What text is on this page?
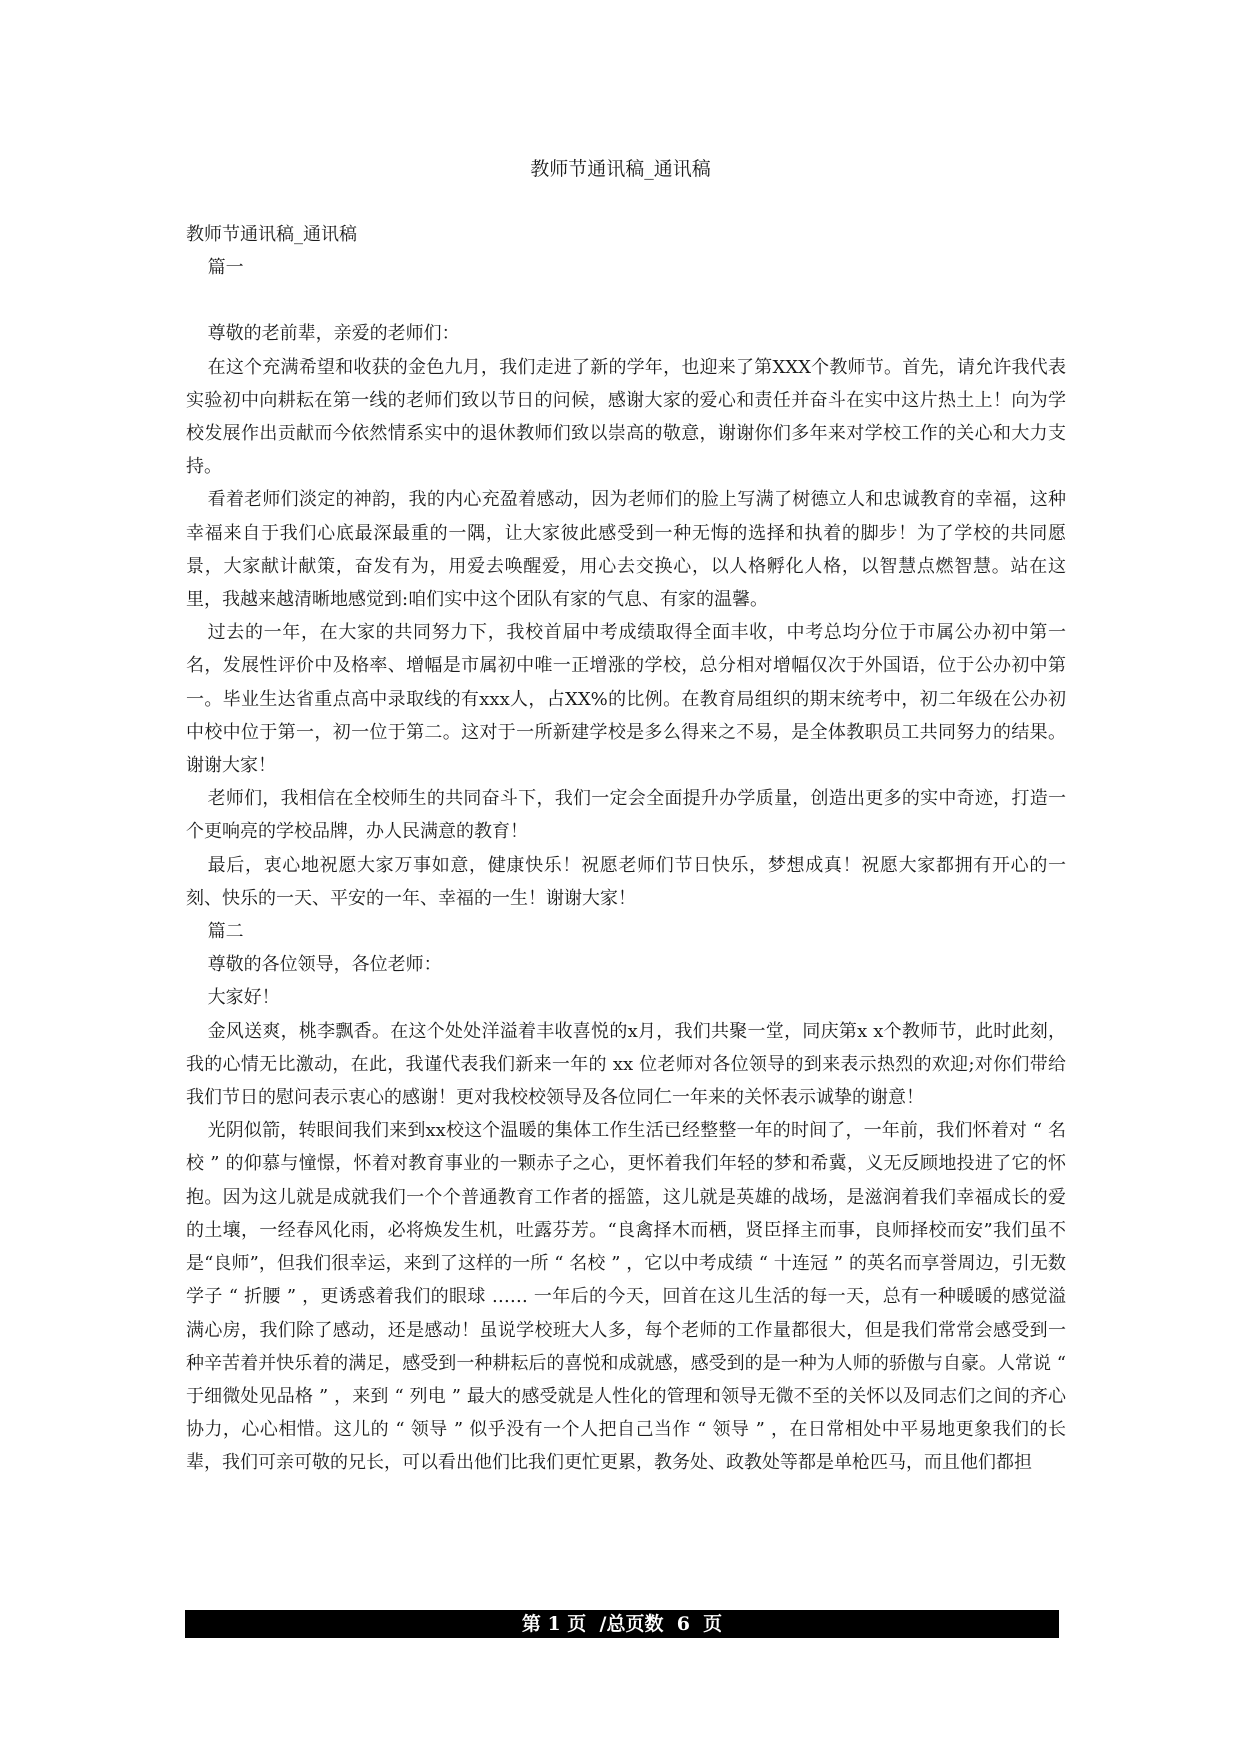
教师节通讯稿_通讯稿

教师节通讯稿_通讯稿

篇一

尊敬的老前辈，亲爱的老师们：

在这个充满希望和收获的金色九月，我们走进了新的学年，也迎来了第XXX个教师节。首先，请允许我代表实验初中向耕耘在第一线的老师们致以节日的问候，感谢大家的爱心和责任并奋斗在实中这片热土上！向为学校发展作出贡献而今依然情系实中的退休教师们致以崇高的敬意，谢谢你们多年来对学校工作的关心和大力支持。

看着老师们淡定的神韵，我的内心充盈着感动，因为老师们的脸上写满了树德立人和忠诚教育的幸福，这种幸福来自于我们心底最深最重的一隅，让大家彼此感受到一种无悔的选择和执着的脚步！为了学校的共同愿景，大家献计献策，奋发有为，用爱去唤醒爱，用心去交换心，以人格孵化人格，以智慧点燃智慧。站在这里，我越来越清晰地感觉到:咱们实中这个团队有家的气息、有家的温馨。

过去的一年，在大家的共同努力下，我校首届中考成绩取得全面丰收，中考总均分位于市属公办初中第一名，发展性评价中及格率、增幅是市属初中唯一正增涨的学校，总分相对增幅仅次于外国语，位于公办初中第一。毕业生达省重点高中录取线的有xxx人，占XX%的比例。在教育局组织的期末统考中，初二年级在公办初中校中位于第一，初一位于第二。这对于一所新建学校是多么得来之不易，是全体教职员工共同努力的结果。谢谢大家！

老师们，我相信在全校师生的共同奋斗下，我们一定会全面提升办学质量，创造出更多的实中奇迹，打造一个更响亮的学校品牌，办人民满意的教育！

最后，衷心地祝愿大家万事如意，健康快乐！祝愿老师们节日快乐，梦想成真！祝愿大家都拥有开心的一刻、快乐的一天、平安的一年、幸福的一生！谢谢大家！

篇二

尊敬的各位领导，各位老师：

大家好！

金风送爽，桃李飘香。在这个处处洋溢着丰收喜悦的x月，我们共聚一堂，同庆第x x个教师节，此时此刻，我的心情无比激动，在此，我谨代表我们新来一年的 xx 位老师对各位领导的到来表示热烈的欢迎;对你们带给我们节日的慰问表示衷心的感谢！更对我校校领导及各位同仁一年来的关怀表示诚挚的谢意！

光阴似箭，转眼间我们来到xx校这个温暖的集体工作生活已经整整一年的时间了，一年前，我们怀着对 “ 名校 ” 的仰慕与憧憬，怀着对教育事业的一颗赤子之心，更怀着我们年轻的梦和希冀，义无反顾地投进了它的怀抱。因为这儿就是成就我们一个个普通教育工作者的摇篮，这儿就是英雄的战场，是滋润着我们幸福成长的爱的土壤，一经春风化雨，必将焕发生机，吐露芬芳。“良禽择木而栖，贤臣择主而事，良师择校而安”我们虽不是“良师”，但我们很幸运，来到了这样的一所 “ 名校 ” ，它以中考成绩 “ 十连冠 ” 的英名而享誉周边，引无数学子 “ 折腰 ” ，更诱惑着我们的眼球 …… 一年后的今天，回首在这儿生活的每一天，总有一种暖暖的感觉溢满心房，我们除了感动，还是感动！虽说学校班大人多，每个老师的工作量都很大，但是我们常常会感受到一种辛苦着并快乐着的满足，感受到一种耕耘后的喜悦和成就感，感受到的是一种为人师的骄傲与自豪。人常说 “ 于细微处见品格 ” ，来到 “ 列电 ” 最大的感受就是人性化的管理和领导无微不至的关怀以及同志们之间的齐心协力，心心相惜。这儿的 “ 领导 ” 似乎没有一个人把自己当作 “ 领导 ” ，在日常相处中平易地更象我们的长辈，我们可亲可敬的兄长，可以看出他们比我们更忙更累，教务处、政教处等都是单枪匹马，而且他们都担

第 1 页  /总页数  6  页
